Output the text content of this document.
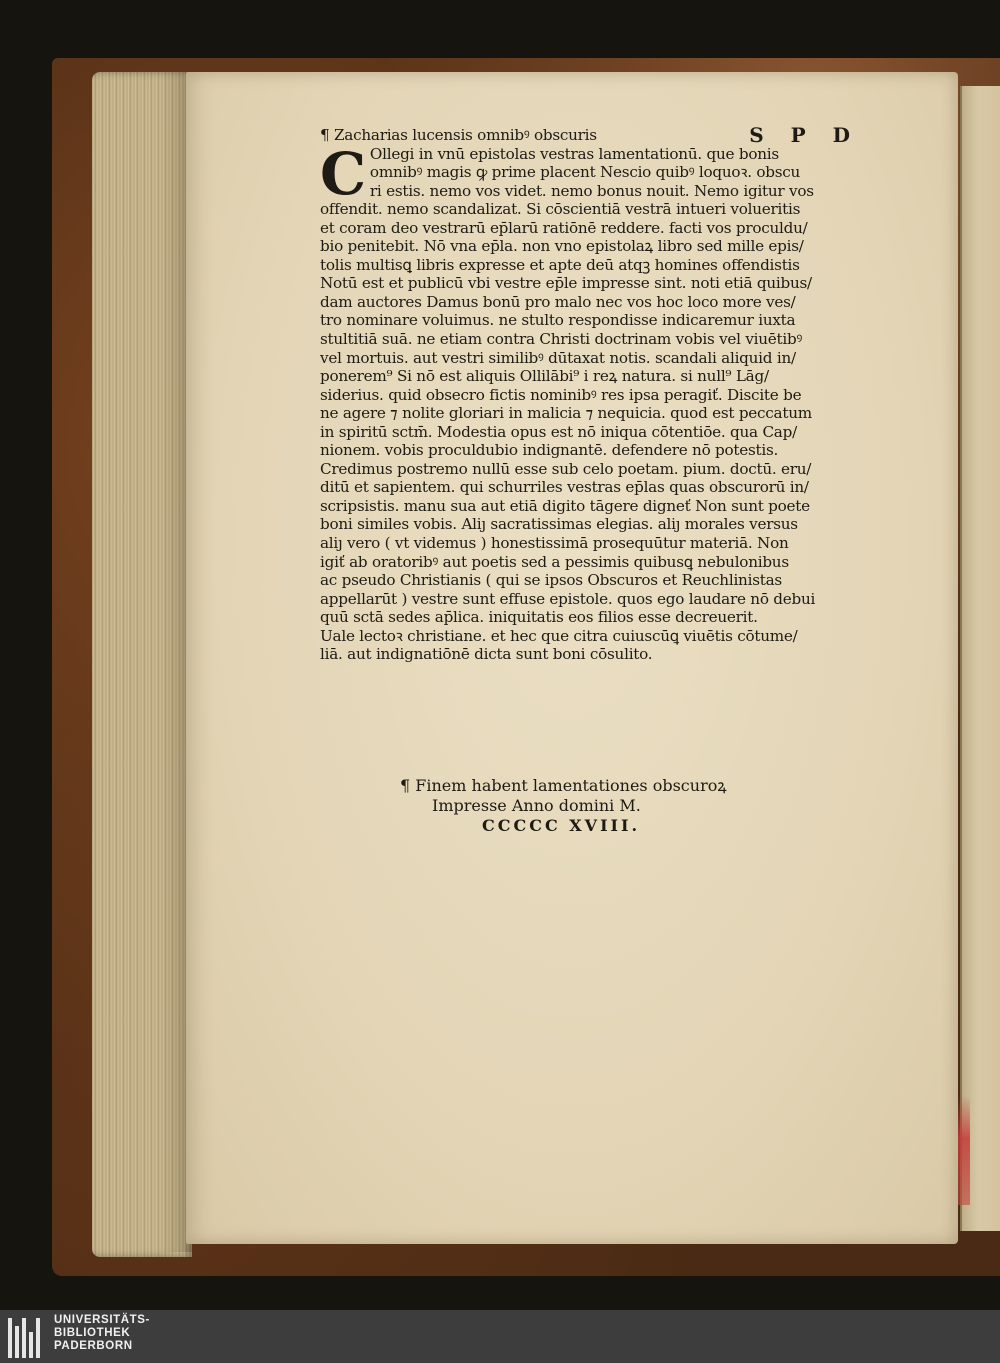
¶ Zacharias lucensis omnibꝰ obscuris	S P D
C Ollegi in vnū epistolas vestras lamentationū. que bonis
omnibꝰ magis ꝙ prime placent Nescio quibꝰ loquoꝛ. obscu
ri estis. nemo vos videt. nemo bonus nouit. Nemo igitur vos
offendit. nemo scandalizat. Si cōscientiā vestrā intueri volueritis
et coram deo vestrarū ep̄larū ratiōnē reddere. facti vos proculdu/
bio penitebit. Nō vna ep̄la. non vno epistolaꝝ libro sed mille epis/
tolis multisꝗ libris expresse et apte deū atqꝫ homines offendistis
Notū est et publicū vbi vestre ep̄le impresse sint. noti etiā quibus/
dam auctores Damus bonū pro malo nec vos hoc loco more ves/
tro nominare voluimus. ne stulto respondisse indicaremur iuxta
stultitiā suā. ne etiam contra Christi doctrinam vobis vel viuētibꝰ
vel mortuis. aut vestri similibꝰ dūtaxat notis. scandali aliquid in/
ponerem⁹ Si nō est aliquis Ollilābi⁹ i reꝝ natura. si null⁹ Lāg/
siderius. quid obsecro fictis nominibꝰ res ipsa peragiť. Discite be
ne agere ⁊ nolite gloriari in malicia ⁊ nequicia. quod est peccatum
in spiritū sctm̄. Modestia opus est nō iniqua cōtentiōe. qua Cap/
nionem. vobis proculdubio indignantē. defendere nō potestis.
Credimus postremo nullū esse sub celo poetam. pium. doctū. eru/
ditū et sapientem. qui schurriles vestras ep̄las quas obscurorū in/
scripsistis. manu sua aut etiā digito tāgere digneť Non sunt poete
boni similes vobis. Aliȷ sacratissimas elegias. aliȷ morales versus
aliȷ vero ( vt videmus ) honestissimā prosequūtur materiā. Non
igiť ab oratoribꝰ aut poetis sed a pessimis quibusꝗ nebulonibus
ac pseudo Christianis ( qui se ipsos Obscuros et Reuchlinistas
appellarūt ) vestre sunt effuse epistole. quos ego laudare nō debui
quū sctā sedes ap̄lica. iniquitatis eos filios esse decreuerit.
Uale lectoꝛ christiane. et hec que citra cuiuscūꝗ viuētis cōtume/
liā. aut indignatiōnē dicta sunt boni cōsulito.
¶ Finem habent lamentationes obscuroꝝ
Impresse Anno domini M.
CCCCC XVIII.
UNIVERSITÄTS-
BIBLIOTHEK
PADERBORN
